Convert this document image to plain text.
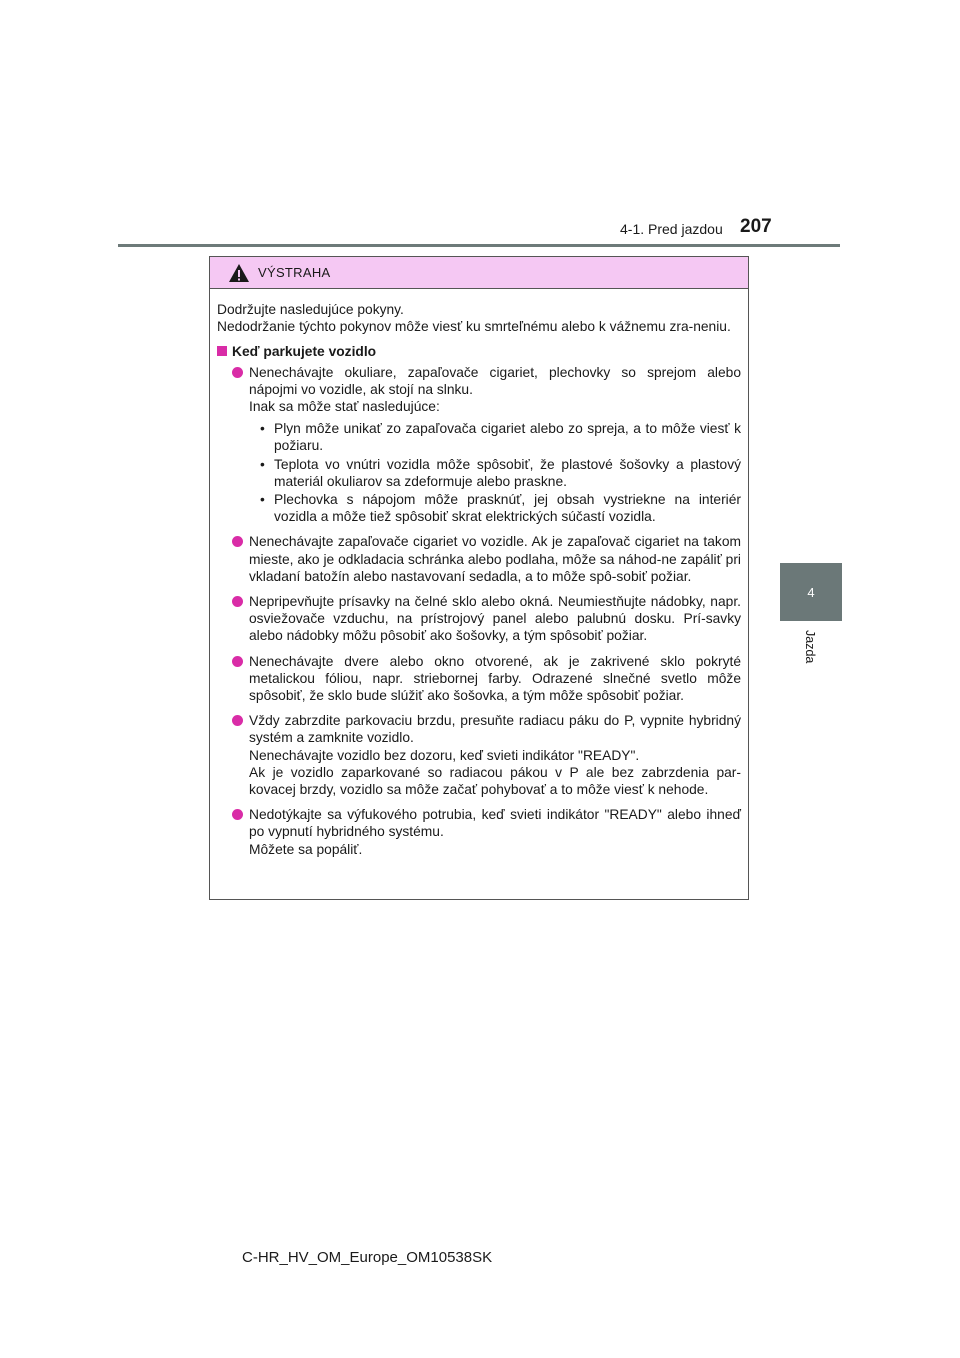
4-1. Pred jazdou 207
4
Jazda
VÝSTRAHA

Dodržujte nasledujúce pokyny.

Nedodržanie týchto pokynov môže viesť ku smrteľnému alebo k vážnemu zra-neniu.

Keď parkujete vozidlo

Nenechávajte okuliare, zapaľovače cigariet, plechovky so sprejom alebo nápojmi vo vozidle, ak stojí na slnku.

Inak sa môže stať nasledujúce:

• Plyn môže unikať zo zapaľovača cigariet alebo zo spreja, a to môže viesť k požiaru.
• Teplota vo vnútri vozidla môže spôsobiť, že plastové šošovky a plastový materiál okuliarov sa zdeformuje alebo praskne.
• Plechovka s nápojom môže prasknúť, jej obsah vystriekne na interiér vozidla a môže tiež spôsobiť skrat elektrických súčastí vozidla.

Nenechávajte zapaľovače cigariet vo vozidle. Ak je zapaľovač cigariet na takom mieste, ako je odkladacia schránka alebo podlaha, môže sa náhod-ne zapáliť pri vkladaní batožín alebo nastavovaní sedadla, a to môže spô-sobiť požiar.

Nepripevňujte prísavky na čelné sklo alebo okná. Neumiestňujte nádobky, napr. osviežovače vzduchu, na prístrojový panel alebo palubnú dosku. Prí-savky alebo nádobky môžu pôsobiť ako šošovky, a tým spôsobiť požiar.

Nenechávajte dvere alebo okno otvorené, ak je zakrivené sklo pokryté metalickou fóliou, napr. striebornej farby. Odrazené slnečné svetlo môže spôsobiť, že sklo bude slúžiť ako šošovka, a tým môže spôsobiť požiar.

Vždy zabrzdite parkovaciu brzdu, presuňte radiacu páku do P, vypnite hybridný systém a zamknite vozidlo.

Nenechávajte vozidlo bez dozoru, keď svieti indikátor "READY".

Ak je vozidlo zaparkované so radiacou pákou v P ale bez zabrzdenia par-kovacej brzdy, vozidlo sa môže začať pohybovať a to môže viesť k nehode.

Nedotýkajte sa výfukového potrubia, keď svieti indikátor "READY" alebo ihneď po vypnutí hybridného systému.

Môžete sa popáliť.

C-HR_HV_OM_Europe_OM10538SK
